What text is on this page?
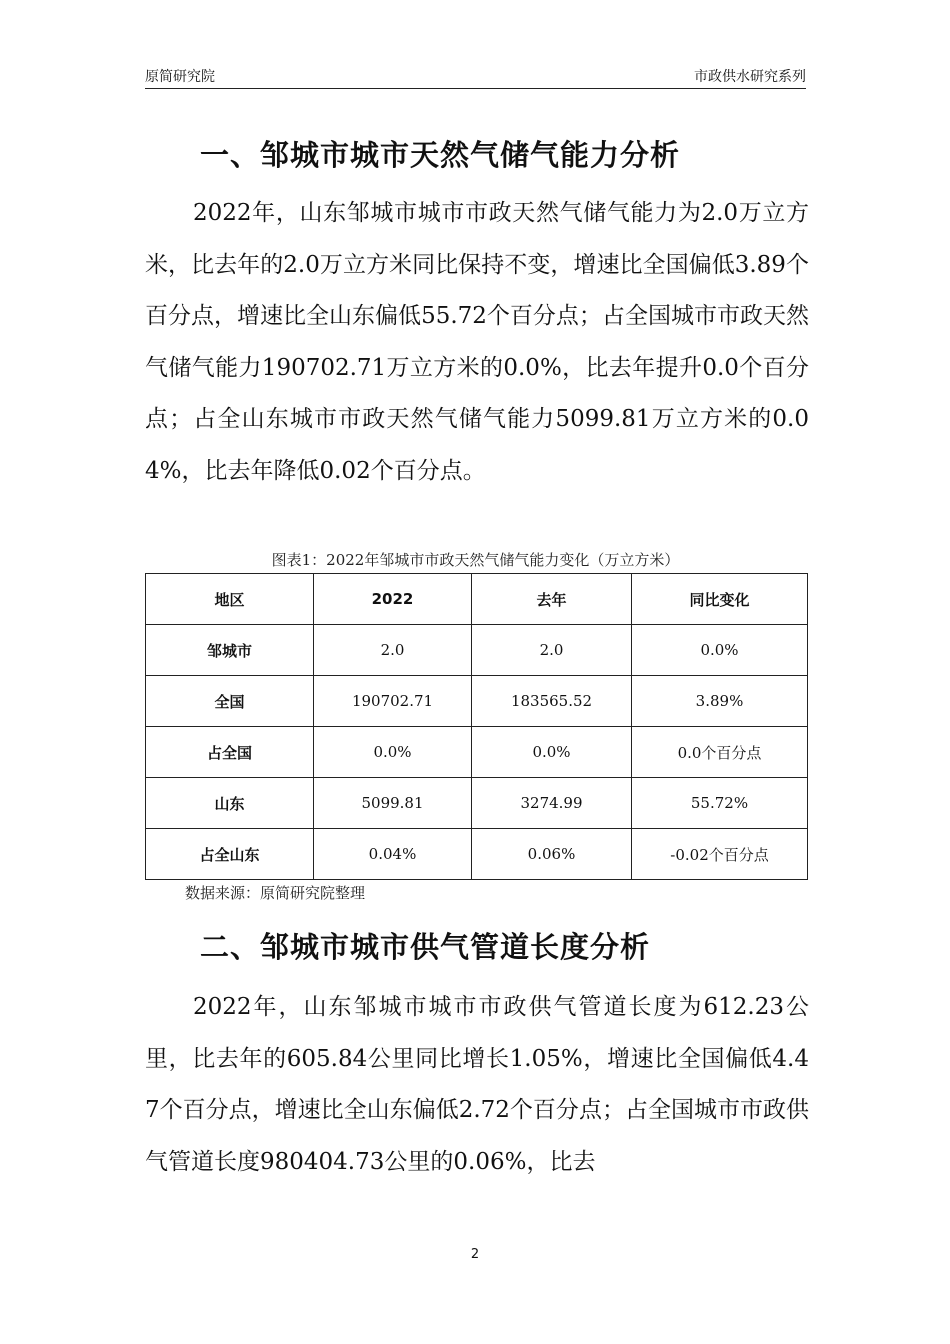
原简研究院	市政供水研究系列
一、邹城市城市天然气储气能力分析

2022年，山东邹城市城市市政天然气储气能力为2.0万立方米，比去年的2.0万立方米同比保持不变，增速比全国偏低3.89个百分点，增速比全山东偏低55.72个百分点；占全国城市市政天然气储气能力190702.71万立方米的0.0%，比去年提升0.0个百分点；占全山东城市市政天然气储气能力5099.81万立方米的0.04%，比去年降低0.02个百分点。

图表1：2022年邹城市市政天然气储气能力变化（万立方米）
地区	2022	去年	同比变化
邹城市	2.0	2.0	0.0%
全国	190702.71	183565.52	3.89%
占全国	0.0%	0.0%	0.0个百分点
山东	5099.81	3274.99	55.72%
占全山东	0.04%	0.06%	-0.02个百分点
数据来源：原简研究院整理
二、邹城市城市供气管道长度分析

2022年，山东邹城市城市市政供气管道长度为612.23公里，比去年的605.84公里同比增长1.05%，增速比全国偏低4.47个百分点，增速比全山东偏低2.72个百分点；占全国城市市政供气管道长度980404.73公里的0.06%，比去

2
